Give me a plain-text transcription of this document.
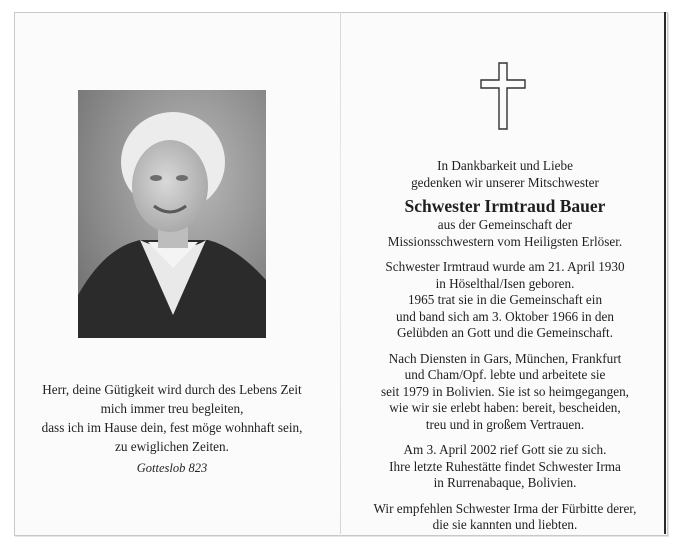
Herr, deine Gütigkeit wird durch des Lebens Zeit
mich immer treu begleiten,
dass ich im Hause dein, fest möge wohnhaft sein,
zu ewiglichen Zeiten.
Gotteslob 823

In Dankbarkeit und Liebe

gedenken wir unserer Mitschwester

Schwester Irmtraud Bauer

aus der Gemeinschaft der

Missionsschwestern vom Heiligsten Erlöser.

Schwester Irmtraud wurde am 21. April 1930

in Höselthal/Isen geboren.

1965 trat sie in die Gemeinschaft ein

und band sich am 3. Oktober 1966 in den

Gelübden an Gott und die Gemeinschaft.

Nach Diensten in Gars, München, Frankfurt

und Cham/Opf. lebte und arbeitete sie

seit 1979 in Bolivien. Sie ist so heimgegangen,

wie wir sie erlebt haben: bereit, bescheiden,

treu und in großem Vertrauen.

Am 3. April 2002 rief Gott sie zu sich.

Ihre letzte Ruhestätte findet Schwester Irma

in Rurrenabaque, Bolivien.

Wir empfehlen Schwester Irma der Fürbitte derer,

die sie kannten und liebten.
